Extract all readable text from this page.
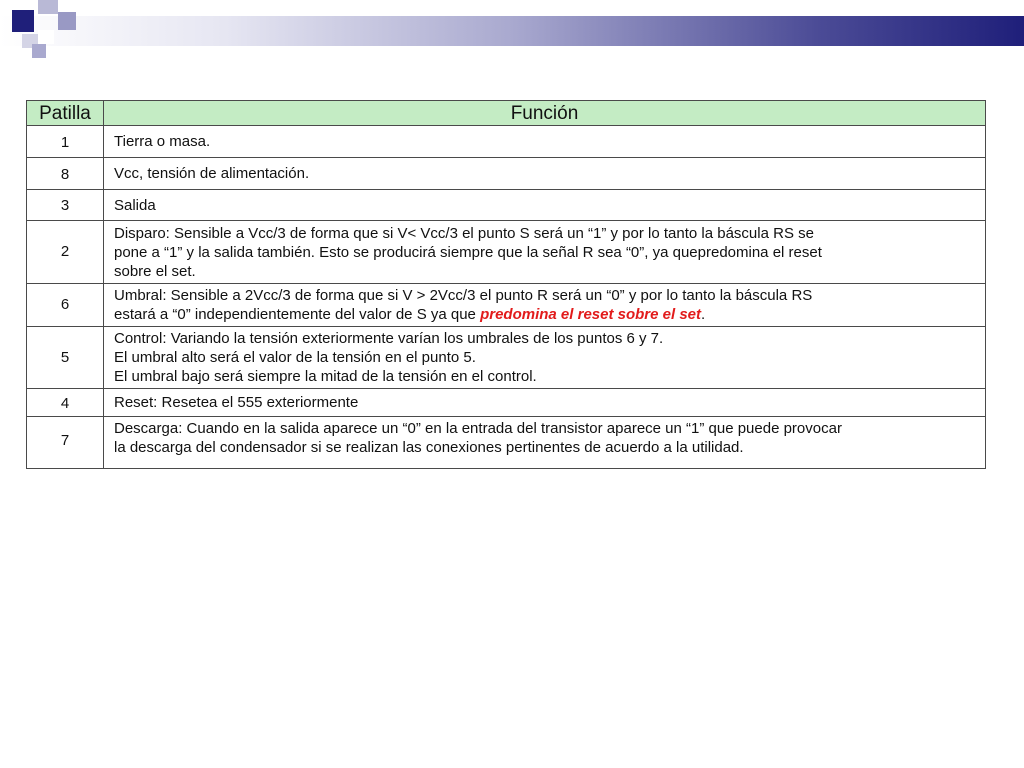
Patilla	Función
1	Tierra o masa.

8	Vcc, tensión de alimentación.

3	Salida

2	Disparo: Sensible a Vcc/3 de forma que si V< Vcc/3 el punto S será un “1” y por lo tanto la báscula RS se
pone a “1” y la salida también. Esto se producirá siempre que la señal R sea “0”, ya quepredomina el reset
sobre el set.

6	Umbral: Sensible a 2Vcc/3 de forma que si V > 2Vcc/3 el punto R será un “0” y por lo tanto la báscula RS
estará a “0” independientemente del valor de S ya que predomina el reset sobre el set.

5	Control: Variando la tensión exteriormente varían los umbrales de los puntos 6 y 7.
El umbral alto será el valor de la tensión en el punto 5.
El umbral bajo será siempre la mitad de la tensión en el control.

4	Reset: Resetea el 555 exteriormente

7	Descarga: Cuando en la salida aparece un “0” en la entrada del transistor aparece un “1” que puede provocar
la descarga del condensador si se realizan las conexiones pertinentes de acuerdo a la utilidad.
